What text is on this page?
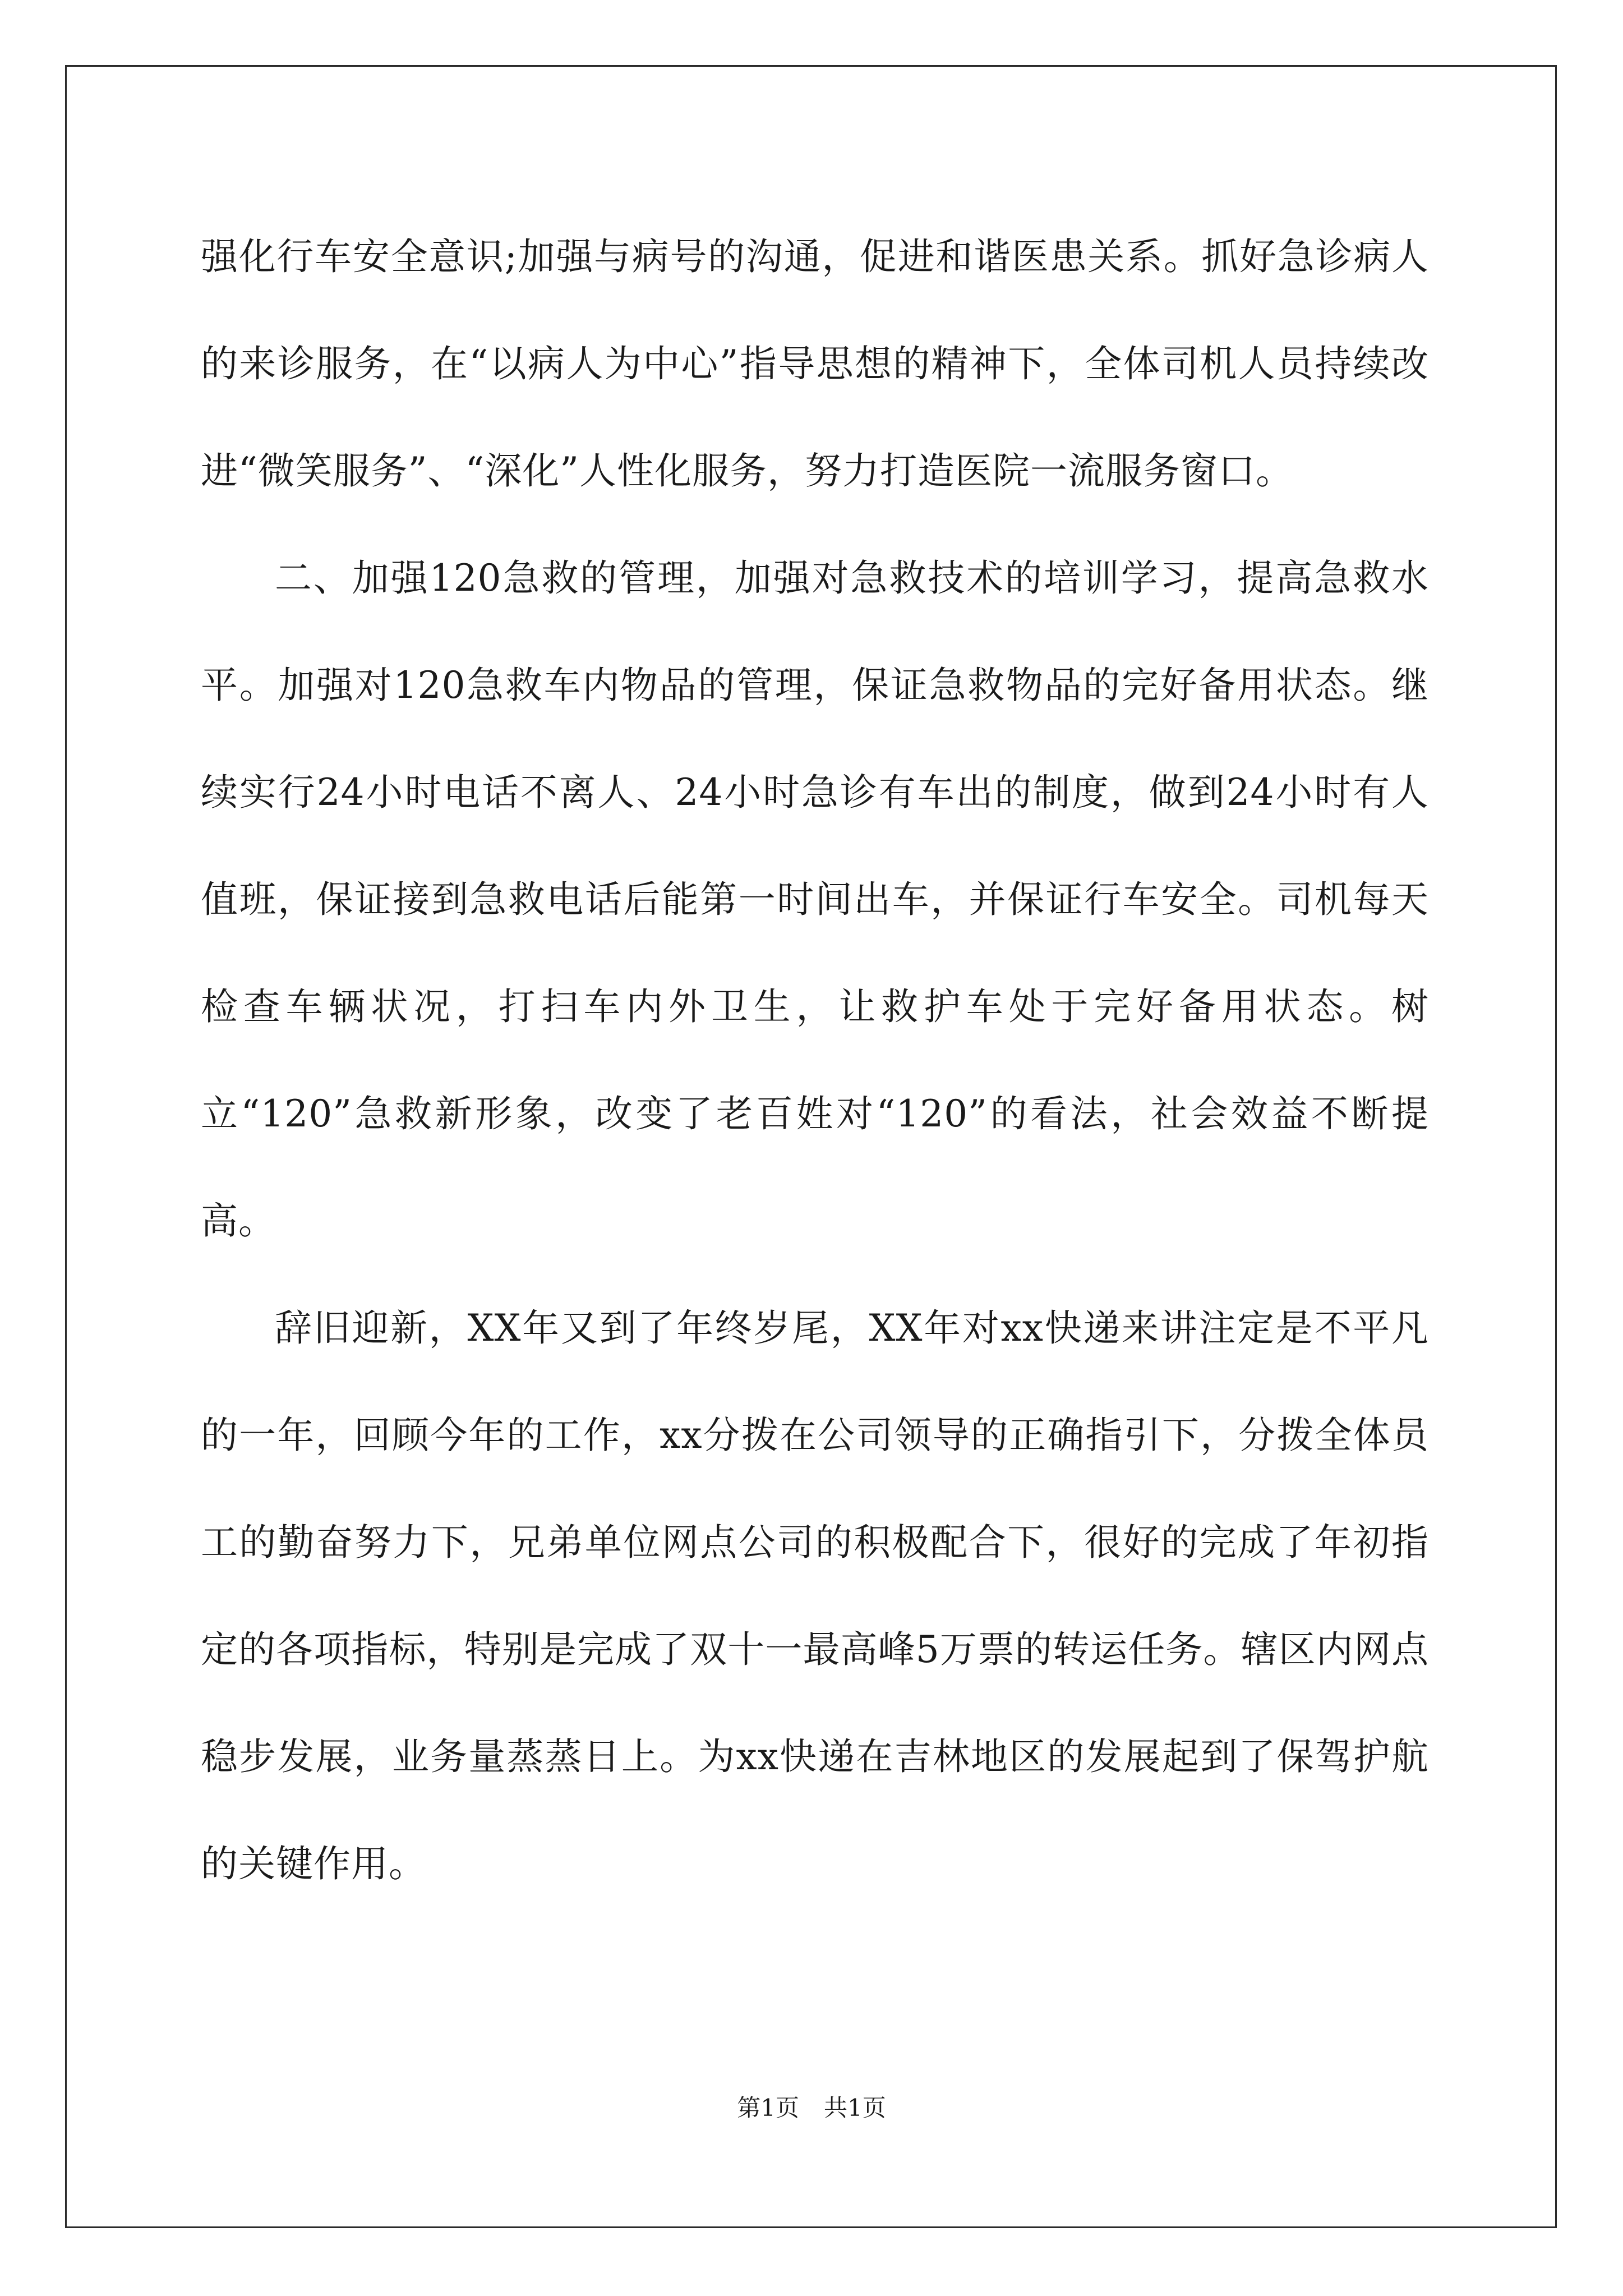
强化行车安全意识;加强与病号的沟通，促进和谐医患关系。抓好急诊病人的来诊服务，在“以病人为中心”指导思想的精神下，全体司机人员持续改进“微笑服务”、“深化”人性化服务，努力打造医院一流服务窗口。

二、加强120急救的管理，加强对急救技术的培训学习，提高急救水平。加强对120急救车内物品的管理，保证急救物品的完好备用状态。继续实行24小时电话不离人、24小时急诊有车出的制度，做到24小时有人值班，保证接到急救电话后能第一时间出车，并保证行车安全。司机每天检查车辆状况，打扫车内外卫生，让救护车处于完好备用状态。树立“120”急救新形象，改变了老百姓对“120”的看法，社会效益不断提高。

辞旧迎新，XX年又到了年终岁尾，XX年对xx快递来讲注定是不平凡的一年，回顾今年的工作，xx分拨在公司领导的正确指引下，分拨全体员工的勤奋努力下，兄弟单位网点公司的积极配合下，很好的完成了年初指定的各项指标，特别是完成了双十一最高峰5万票的转运任务。辖区内网点稳步发展，业务量蒸蒸日上。为xx快递在吉林地区的发展起到了保驾护航的关键作用。

第1页 共1页
